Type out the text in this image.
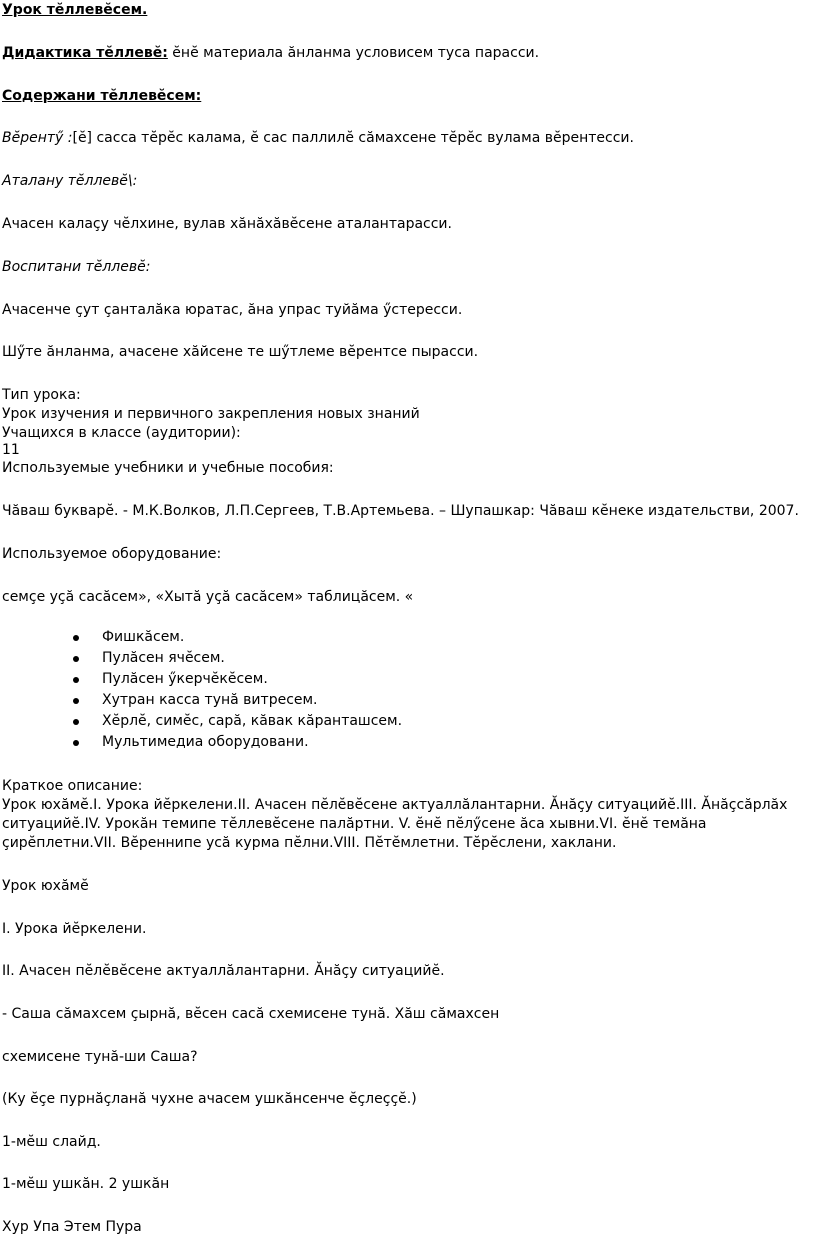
Урок тĕллевĕсем.
Дидактика тĕллевĕ: ĕнĕ материала ăнланма условисем туса парасси.
Содержани тĕллевĕсем:
Вĕрентӳ :[ĕ] сасса тĕрĕс калама, ĕ сас паллилĕ сăмахсене тĕрĕс вулама вĕрентесси.
Аталану тĕллевĕ\:
Ачасен калаçу чĕлхине, вулав хăнăхăвĕсене аталантарасси.
Воспитани тĕллевĕ:
Ачасенче çут çанталăка юратас, ăна упрас туйăма ӳстересси.
Шӳте ăнланма, ачасене хăйсене те шӳтлеме вĕрентсе пырасси.
Тип урока:
Урок изучения и первичного закрепления новых знаний
Учащихся в классе (аудитории):
11
Используемые учебники и учебные пособия:
Чăваш букварĕ. - М.К.Волков, Л.П.Сергеев, Т.В.Артемьева. – Шупашкар: Чăваш кĕнеке издательстви, 2007.
Используемое оборудование:
семçе уçă сасăсем», «Хытă уçă сасăсем» таблицăсем. «
Фишкăсем.
Пулăсен ячĕсем.
Пулăсен ӳкерчĕкĕсем.
Хутран касса тунă витресем.
Хĕрлĕ, симĕс, сарă, кăвак кăранташсем.
Мультимедиа оборудовани.
Краткое описание:
Урок юхăмĕ.I. Урока йĕркелени.II. Ачасен пĕлĕвĕсене актуаллăлантарни. Ăнăçу ситуацийĕ.III. Ăнăçсăрлăх
ситуацийĕ.IV. Урокăн темипе тĕллевĕсене палăртни. V. ĕнĕ пĕлӳсене ăса хывни.VI. ĕнĕ темăна
çирĕплетни.VII. Вĕреннипе усă курма пĕлни.VIII. Пĕтĕмлетни. Тĕрĕслени, хаклани.
Урок юхăмĕ
I. Урока йĕркелени.
II. Ачасен пĕлĕвĕсене актуаллăлантарни. Ăнăçу ситуацийĕ.
- Саша сăмахсем çырнă, вĕсен сасă схемисене тунă. Хăш сăмахсен
схемисене тунă-ши Саша?
(Ку ĕçе пурнăçланă чухне ачасем ушкăнсенче ĕçлеççĕ.)
1-мĕш слайд.
1-мĕш ушкăн. 2 ушкăн
Хур Упа Этем Пура
